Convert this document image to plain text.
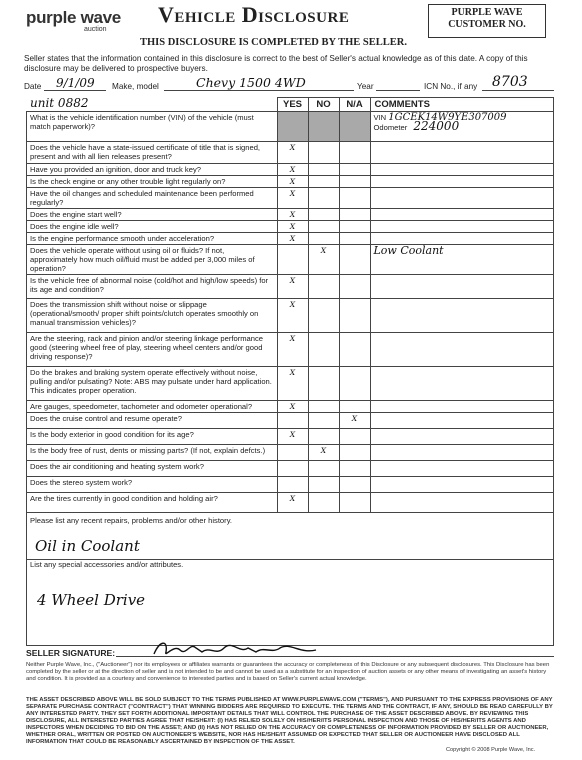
purple wave
auction
Vehicle Disclosure	PURPLE WAVE
CUSTOMER NO.
THIS DISCLOSURE IS COMPLETED BY THE SELLER.
Seller states that the information contained in this disclosure is correct to the best of Seller's actual knowledge as of this date. A copy of this disclosure may be delivered to prospective buyers.
Date 9/1/09 Make, model	Chevy 1500 4WD	Year	ICN No., if any 8703
unit 0882
		YES	NO	N/A	COMMENTS
What is the vehicle identification number (VIN) of the vehicle (must match paperwork)?				VIN 1GCEK14W9YE307009
Odometer 224000
Does the vehicle have a state-issued certificate of title that is signed, present and with all lien releases present?	X			
Have you provided an ignition, door and truck key?	X			
Is the check engine or any other trouble light regularly on?	X			
Have the oil changes and scheduled maintenance been performed regularly?	X			
Does the engine start well?	X			
Does the engine idle well?	X			
Is the engine performance smooth under acceleration?	X			
Does the vehicle operate without using oil or fluids? If not, approximately how much oil/fluid must be added per 3,000 miles of operation?		X		Low Coolant
Is the vehicle free of abnormal noise (cold/hot and high/low speeds) for its age and condition?	X			
Does the transmission shift without noise or slippage (operational/smooth/ proper shift points/clutch operates smoothly on manual transmission vehicles)?	X			
Are the steering, rack and pinion and/or steering linkage performance good (steering wheel free of play, steering wheel centers and/or good driving response)?	X			
Do the brakes and braking system operate effectively without noise, pulling and/or pulsating? Note: ABS may pulsate under hard application. This indicates proper operation.	X			
Are gauges, speedometer, tachometer and odometer operational?	X			
Does the cruise control and resume operate?			X	
Is the body exterior in good condition for its age?	X			
Is the body free of rust, dents or missing parts? (If not, explain defcts.)		X		
Does the air conditioning and heating system work?				
Does the stereo system work?				
Are the tires currently in good condition and holding air?	X			
Please list any recent repairs, problems and/or other history.
Oil in Coolant
List any special accessories and/or attributes.
4 Wheel Drive
SELLER SIGNATURE:
Neither Purple Wave, Inc., ("Auctioneer") nor its employees or affiliates warrants or guarantees the accuracy or completeness of this Disclosure or any subsequent disclosures. This Disclosure has been completed by the seller or at the direction of seller and is not intended to be and cannot be used as a substitute for an inspection of auction assets or any other means of investigating an asset's history and condition. It is provided as a courtesy and convenience to interested parties and is based on Seller's current actual knowledge.
THE ASSET DESCRIBED ABOVE WILL BE SOLD SUBJECT TO THE TERMS PUBLISHED AT WWW.PURPLEWAVE.COM ("TERMS"), AND PURSUANT TO THE EXPRESS PROVISIONS OF ANY SEPARATE PURCHASE CONTRACT ("CONTRACT") THAT WINNING BIDDERS ARE REQUIRED TO EXECUTE. THE TERMS AND THE CONTRACT, IF ANY, SHOULD BE READ CAREFULLY BY ANY INTERESTED PARTY. THEY SET FORTH ADDITIONAL IMPORTANT DETAILS THAT WILL CONTROL THE PURCHASE OF THE ASSET DESCRIBED ABOVE. BY REVIEWING THIS DISCLOSURE, ALL INTERESTED PARTIES AGREE THAT HE/SHE/IT: (I) HAS RELIED SOLELY ON HIS/HER/ITS PERSONAL INSPECTION AND THOSE OF HIS/HER/ITS AGENTS AND INSPECTORS WHEN DECIDING TO BID ON THE ASSET; AND (II) HAS NOT RELIED ON THE ACCURACY OR COMPLETENESS OF INFORMATION PROVIDED BY SELLER OR AUCTIONEER, WHETHER ORAL, WRITTEN OR POSTED ON AUCTIONEER'S WEBSITE, NOR HAS HE/SHE/IT ASSUMED OR EXPECTED THAT SELLER OR AUCTIONEER HAVE DISCLOSED ALL INFORMATION THAT COULD BE REASONABLY ASCERTAINED BY INSPECTION OF THE ASSET.
Copyright © 2008 Purple Wave, Inc.
